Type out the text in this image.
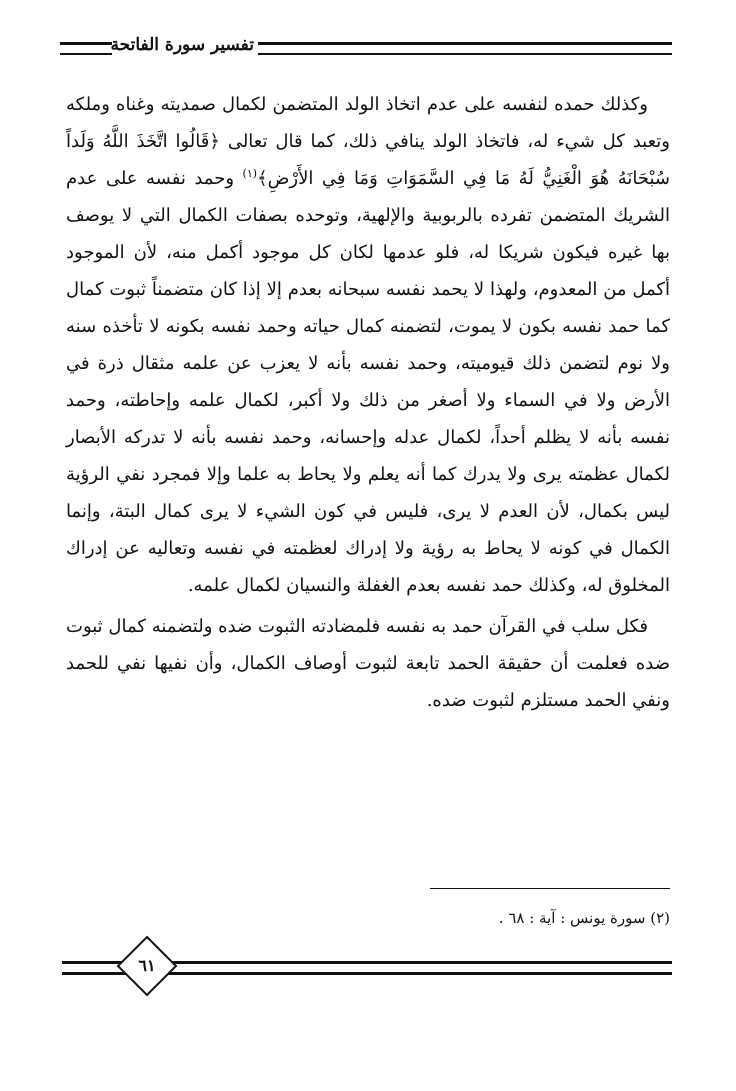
تفسير سورة الفاتحة

وكذلك حمده لنفسه على عدم اتخاذ الولد المتضمن لكمال صمديته وغناه وملكه وتعبد كل شيء له، فاتخاذ الولد ينافي ذلك، كما قال تعالى ﴿قَالُوا اتَّخَذَ اللَّهُ وَلَداً سُبْحَانَهُ هُوَ الْغَنِيُّ لَهُ مَا فِي السَّمَوَاتِ وَمَا فِي الأَرْضِ﴾$^{(١)}$ وحمد نفسه على عدم الشريك المتضمن تفرده بالربوبية والإلهية، وتوحده بصفات الكمال التي لا يوصف بها غيره فيكون شريكا له، فلو عدمها لكان كل موجود أكمل منه، لأن الموجود أكمل من المعدوم، ولهذا لا يحمد نفسه سبحانه بعدم إلا إذا كان متضمناً ثبوت كمال كما حمد نفسه بكون لا يموت، لتضمنه كمال حياته وحمد نفسه بكونه لا تأخذه سنه ولا نوم لتضمن ذلك قيوميته، وحمد نفسه بأنه لا يعزب عن علمه مثقال ذرة في الأرض ولا في السماء ولا أصغر من ذلك ولا أكبر، لكمال علمه وإحاطته، وحمد نفسه بأنه لا يظلم أحداً، لكمال عدله وإحسانه، وحمد نفسه بأنه لا تدركه الأبصار لكمال عظمته يرى ولا يدرك كما أنه يعلم ولا يحاط به علما وإلا فمجرد نفي الرؤية ليس بكمال، لأن العدم لا يرى، فليس في كون الشيء لا يرى كمال البتة، وإنما الكمال في كونه لا يحاط به رؤية ولا إدراك لعظمته في نفسه وتعاليه عن إدراك المخلوق له، وكذلك حمد نفسه بعدم الغفلة والنسيان لكمال علمه.

فكل سلب في القرآن حمد به نفسه فلمضادته الثبوت ضده ولتضمنه كمال ثبوت ضده فعلمت أن حقيقة الحمد تابعة لثبوت أوصاف الكمال، وأن نفيها نفي للحمد ونفي الحمد مستلزم لثبوت ضده.

(٢) سورة يونس : آية : ٦٨ .
٦١
